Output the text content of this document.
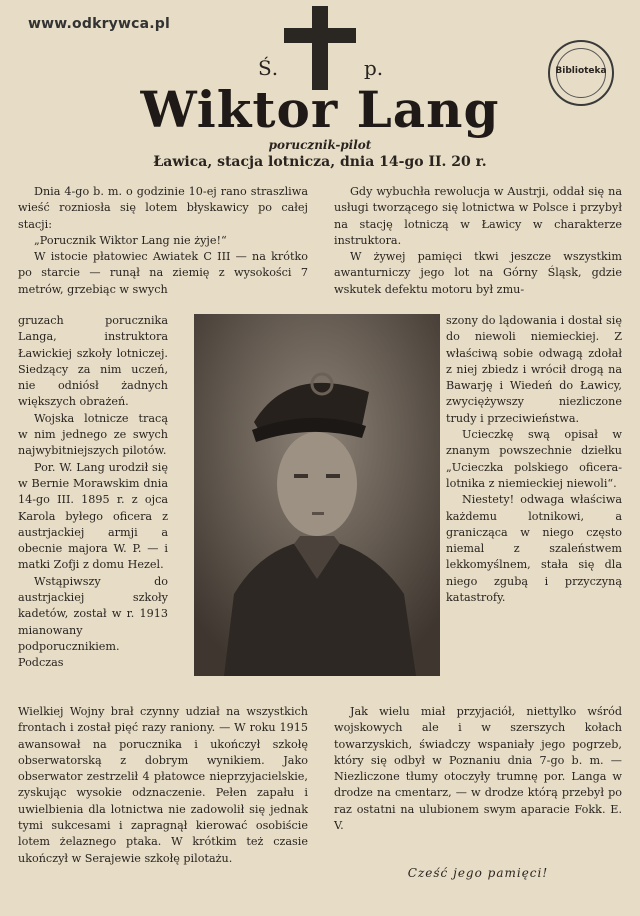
www.odkrywca.pl
Ś.	p.	Biblioteka
Wiktor Lang
porucznik-pilot
Ławica, stacja lotnicza, dnia 14-go II. 20 r.

Dnia 4-go b. m. o godzinie 10-ej rano straszliwa wieść rozniosła się lotem błyskawicy po całej stacji:

„Porucznik Wiktor Lang nie żyje!“

W istocie płatowiec Awiatek C III — na krótko po starcie — runął na ziemię z wysokości 7 metrów, grzebiąc w swych

gruzach porucznika Langa, instruktora Ławickiej szkoły lotniczej. Siedzący za nim uczeń, nie odniósł żadnych większych obrażeń.

Wojska lotnicze tracą w nim jednego ze swych najwybitniejszych pilotów.

Por. W. Lang urodził się w Bernie Morawskim dnia 14-go III. 1895 r. z ojca Karola byłego oficera z austrjackiej armji a obecnie majora W. P. — i matki Zofji z domu Hezel.

Wstąpiwszy do austrjackiej szkoły kadetów, został w r. 1913 mianowany podporucznikiem. Podczas

Wielkiej Wojny brał czynny udział na wszystkich frontach i został pięć razy raniony. — W roku 1915 awansował na porucznika i ukończył szkołę obserwatorską z dobrym wynikiem. Jako obserwator zestrzelił 4 płatowce nieprzyjacielskie, zyskując wysokie odznaczenie. Pełen zapału i uwielbienia dla lotnictwa nie zadowolił się jednak tymi sukcesami i zapragnął kierować osobiście lotem żelaznego ptaka. W krótkim też czasie ukończył w Serajewie szkołę pilotażu.

Gdy wybuchła rewolucja w Austrji, oddał się na usługi tworzącego się lotnictwa w Polsce i przybył na stację lotniczą w Ławicy w charakterze instruktora.

W żywej pamięci tkwi jeszcze wszystkim awanturniczy jego lot na Górny Śląsk, gdzie wskutek defektu motoru był zmu-

szony do lądowania i dostał się do niewoli niemieckiej. Z właściwą sobie odwagą zdołał z niej zbiedz i wrócił drogą na Bawarję i Wiedeń do Ławicy, zwyciężywszy niezliczone trudy i przeciwieństwa.

Ucieczkę swą opisał w znanym powszechnie dziełku „Ucieczka polskiego oficera-lotnika z niemieckiej niewoli“.

Niestety! odwaga właściwa każdemu lotnikowi, a granicząca w niego często niemal z szaleństwem lekkomyślnem, stała się dla niego zgubą i przyczyną katastrofy.

Jak wielu miał przyjaciół, niettylko wśród wojskowych ale i w szerszych kołach towarzyskich, świadczy wspaniały jego pogrzeb, który się odbył w Poznaniu dnia 7-go b. m. — Niezliczone tłumy otoczyły trumnę por. Langa w drodze na cmentarz, — w drodze którą przebył po raz ostatni na ulubionem swym aparacie Fokk. E. V.

Cześć jego pamięci!
